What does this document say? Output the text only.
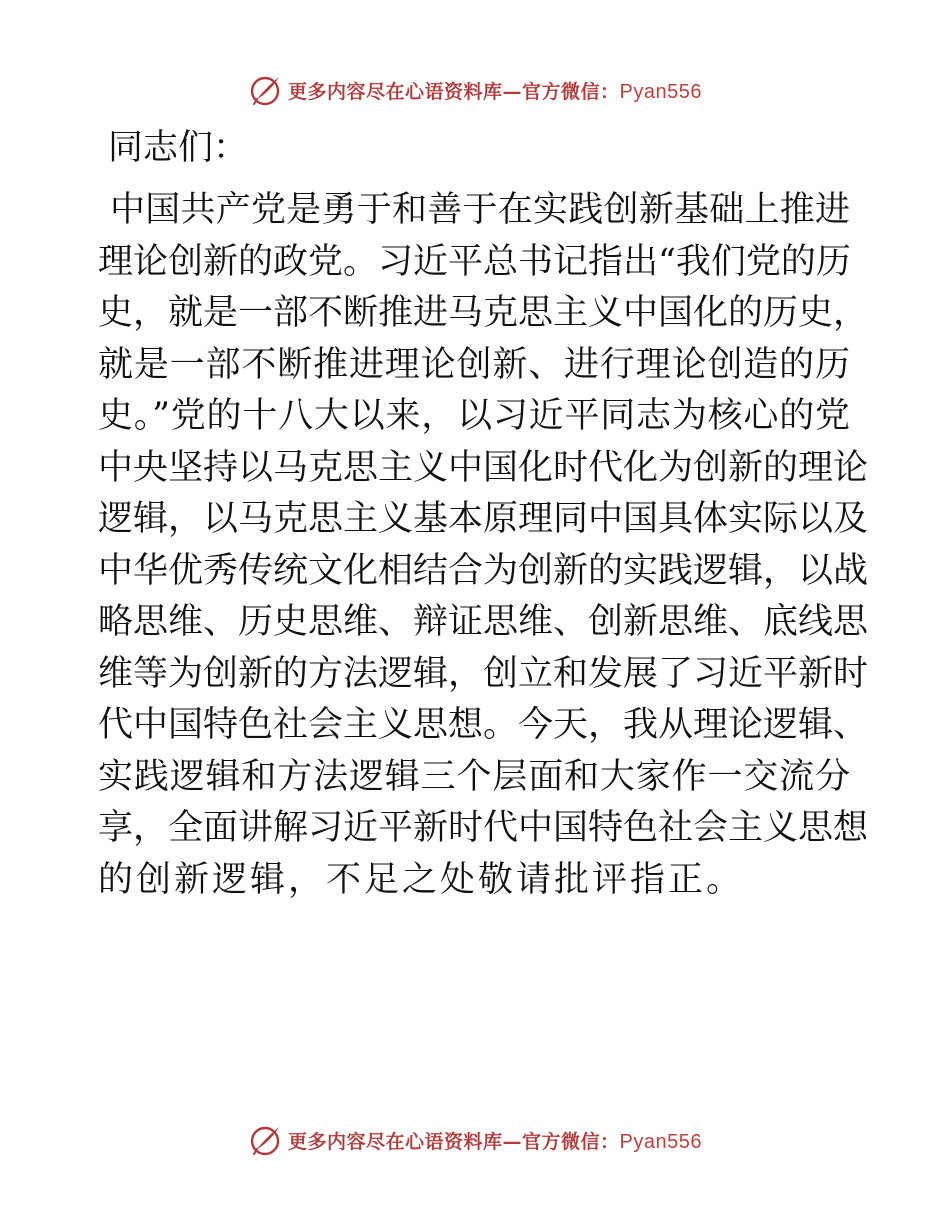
更多内容尽在心语资料库—官方微信：Pyan556
同志们：
中国共产党是勇于和善于在实践创新基础上推进
理论创新的政党。习近平总书记指出“我们党的历
史，就是一部不断推进马克思主义中国化的历史，
就是一部不断推进理论创新、进行理论创造的历
史。”党的十八大以来，以习近平同志为核心的党
中央坚持以马克思主义中国化时代化为创新的理论
逻辑，以马克思主义基本原理同中国具体实际以及
中华优秀传统文化相结合为创新的实践逻辑，以战
略思维、历史思维、辩证思维、创新思维、底线思
维等为创新的方法逻辑，创立和发展了习近平新时
代中国特色社会主义思想。今天，我从理论逻辑、
实践逻辑和方法逻辑三个层面和大家作一交流分
享，全面讲解习近平新时代中国特色社会主义思想
的创新逻辑，不足之处敬请批评指正。
更多内容尽在心语资料库—官方微信：Pyan556
